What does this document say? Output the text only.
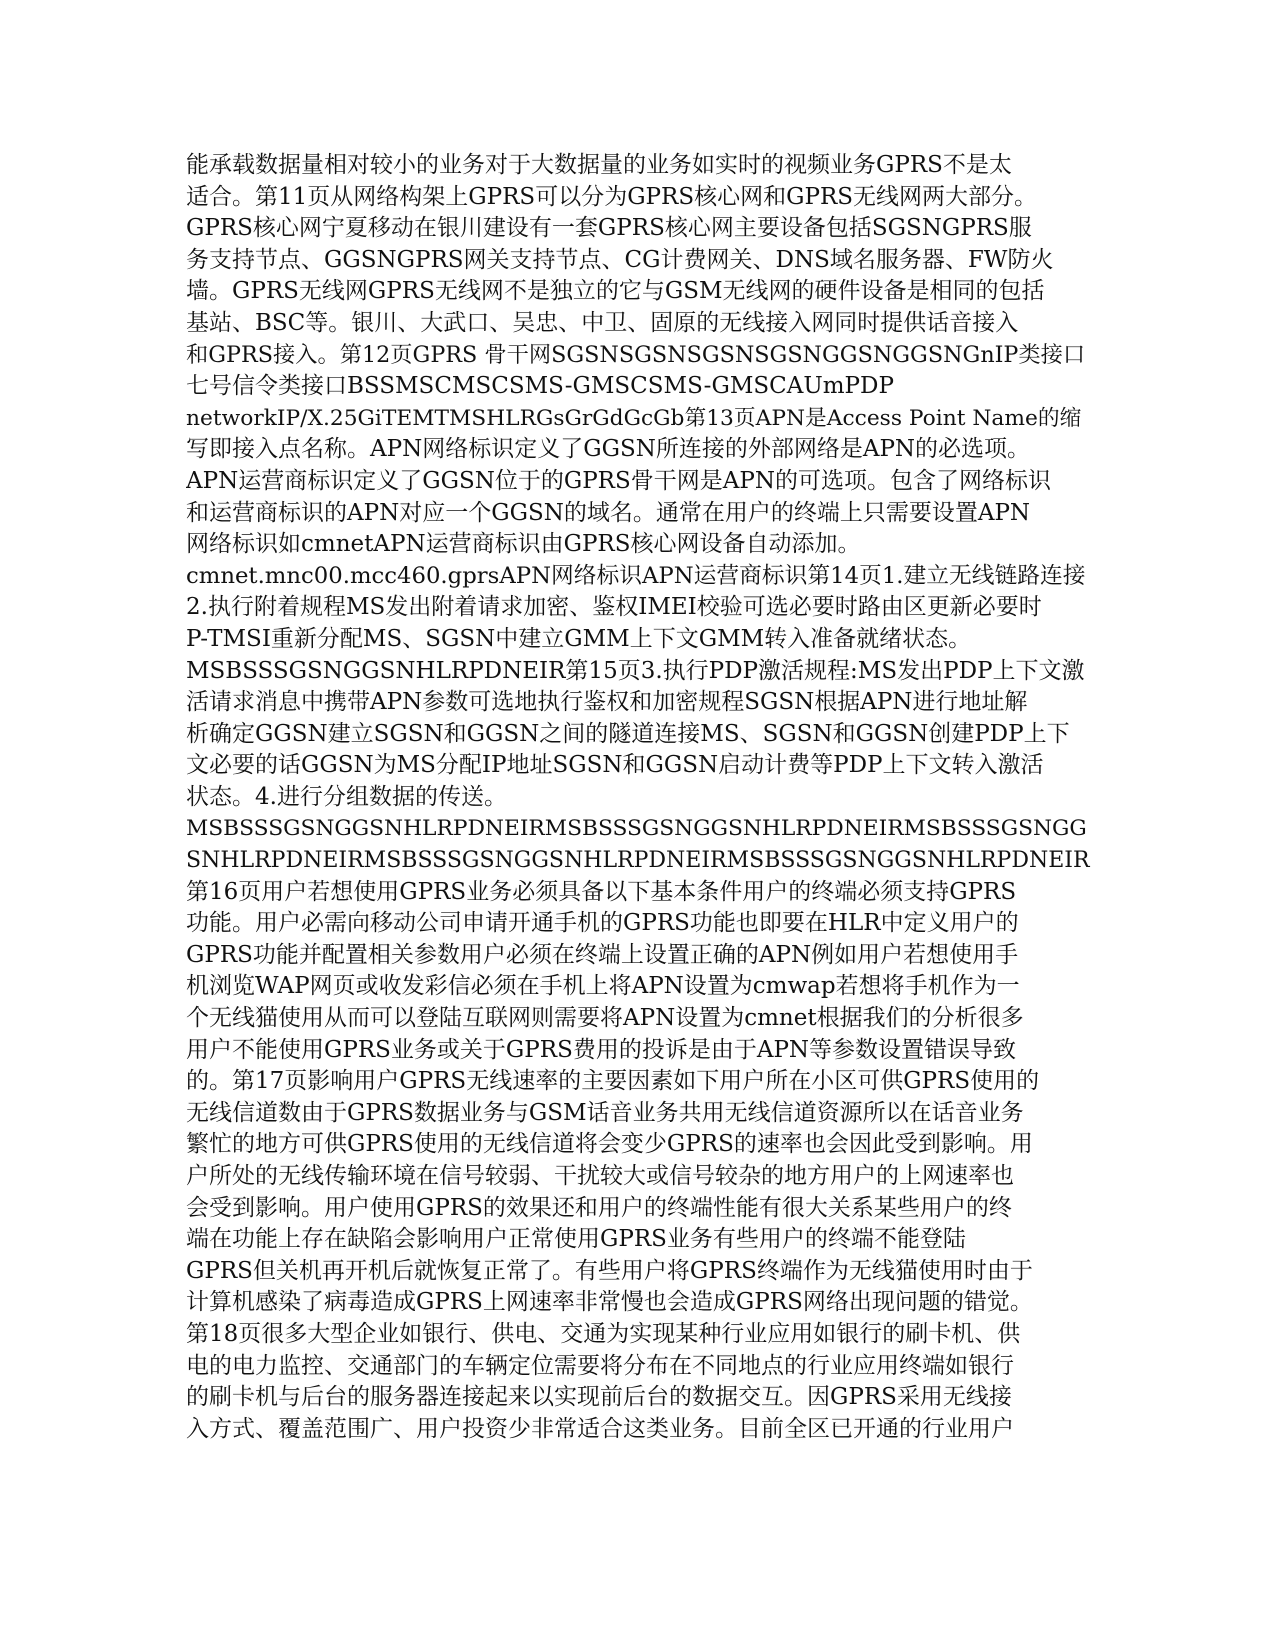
能承载数据量相对较小的业务对于大数据量的业务如实时的视频业务GPRS不是太
适合。第11页从网络构架上GPRS可以分为GPRS核心网和GPRS无线网两大部分。
GPRS核心网宁夏移动在银川建设有一套GPRS核心网主要设备包括SGSNGPRS服
务支持节点、GGSNGPRS网关支持节点、CG计费网关、DNS域名服务器、FW防火
墙。GPRS无线网GPRS无线网不是独立的它与GSM无线网的硬件设备是相同的包括
基站、BSC等。银川、大武口、吴忠、中卫、固原的无线接入网同时提供话音接入
和GPRS接入。第12页GPRS 骨干网SGSNSGSNSGSNSGSNGGSNGGSNGnIP类接口
七号信令类接口BSSMSCMSCSMS-GMSCSMS-GMSCAUmPDP
networkIP/X.25GiTEMTMSHLRGsGrGdGcGb第13页APN是Access Point Name的缩
写即接入点名称。APN网络标识定义了GGSN所连接的外部网络是APN的必选项。
APN运营商标识定义了GGSN位于的GPRS骨干网是APN的可选项。包含了网络标识
和运营商标识的APN对应一个GGSN的域名。通常在用户的终端上只需要设置APN
网络标识如cmnetAPN运营商标识由GPRS核心网设备自动添加。
cmnet.mnc00.mcc460.gprsAPN网络标识APN运营商标识第14页1.建立无线链路连接
2.执行附着规程MS发出附着请求加密、鉴权IMEI校验可选必要时路由区更新必要时
P-TMSI重新分配MS、SGSN中建立GMM上下文GMM转入准备就绪状态。
MSBSSSGSNGGSNHLRPDNEIR第15页3.执行PDP激活规程:MS发出PDP上下文激
活请求消息中携带APN参数可选地执行鉴权和加密规程SGSN根据APN进行地址解
析确定GGSN建立SGSN和GGSN之间的隧道连接MS、SGSN和GGSN创建PDP上下
文必要的话GGSN为MS分配IP地址SGSN和GGSN启动计费等PDP上下文转入激活
状态。4.进行分组数据的传送。
MSBSSSGSNGGSNHLRPDNEIRMSBSSSGSNGGSNHLRPDNEIRMSBSSSGSNGG
SNHLRPDNEIRMSBSSSGSNGGSNHLRPDNEIRMSBSSSGSNGGSNHLRPDNEIR
第16页用户若想使用GPRS业务必须具备以下基本条件用户的终端必须支持GPRS
功能。用户必需向移动公司申请开通手机的GPRS功能也即要在HLR中定义用户的
GPRS功能并配置相关参数用户必须在终端上设置正确的APN例如用户若想使用手
机浏览WAP网页或收发彩信必须在手机上将APN设置为cmwap若想将手机作为一
个无线猫使用从而可以登陆互联网则需要将APN设置为cmnet根据我们的分析很多
用户不能使用GPRS业务或关于GPRS费用的投诉是由于APN等参数设置错误导致
的。第17页影响用户GPRS无线速率的主要因素如下用户所在小区可供GPRS使用的
无线信道数由于GPRS数据业务与GSM话音业务共用无线信道资源所以在话音业务
繁忙的地方可供GPRS使用的无线信道将会变少GPRS的速率也会因此受到影响。用
户所处的无线传输环境在信号较弱、干扰较大或信号较杂的地方用户的上网速率也
会受到影响。用户使用GPRS的效果还和用户的终端性能有很大关系某些用户的终
端在功能上存在缺陷会影响用户正常使用GPRS业务有些用户的终端不能登陆
GPRS但关机再开机后就恢复正常了。有些用户将GPRS终端作为无线猫使用时由于
计算机感染了病毒造成GPRS上网速率非常慢也会造成GPRS网络出现问题的错觉。
第18页很多大型企业如银行、供电、交通为实现某种行业应用如银行的刷卡机、供
电的电力监控、交通部门的车辆定位需要将分布在不同地点的行业应用终端如银行
的刷卡机与后台的服务器连接起来以实现前后台的数据交互。因GPRS采用无线接
入方式、覆盖范围广、用户投资少非常适合这类业务。目前全区已开通的行业用户
